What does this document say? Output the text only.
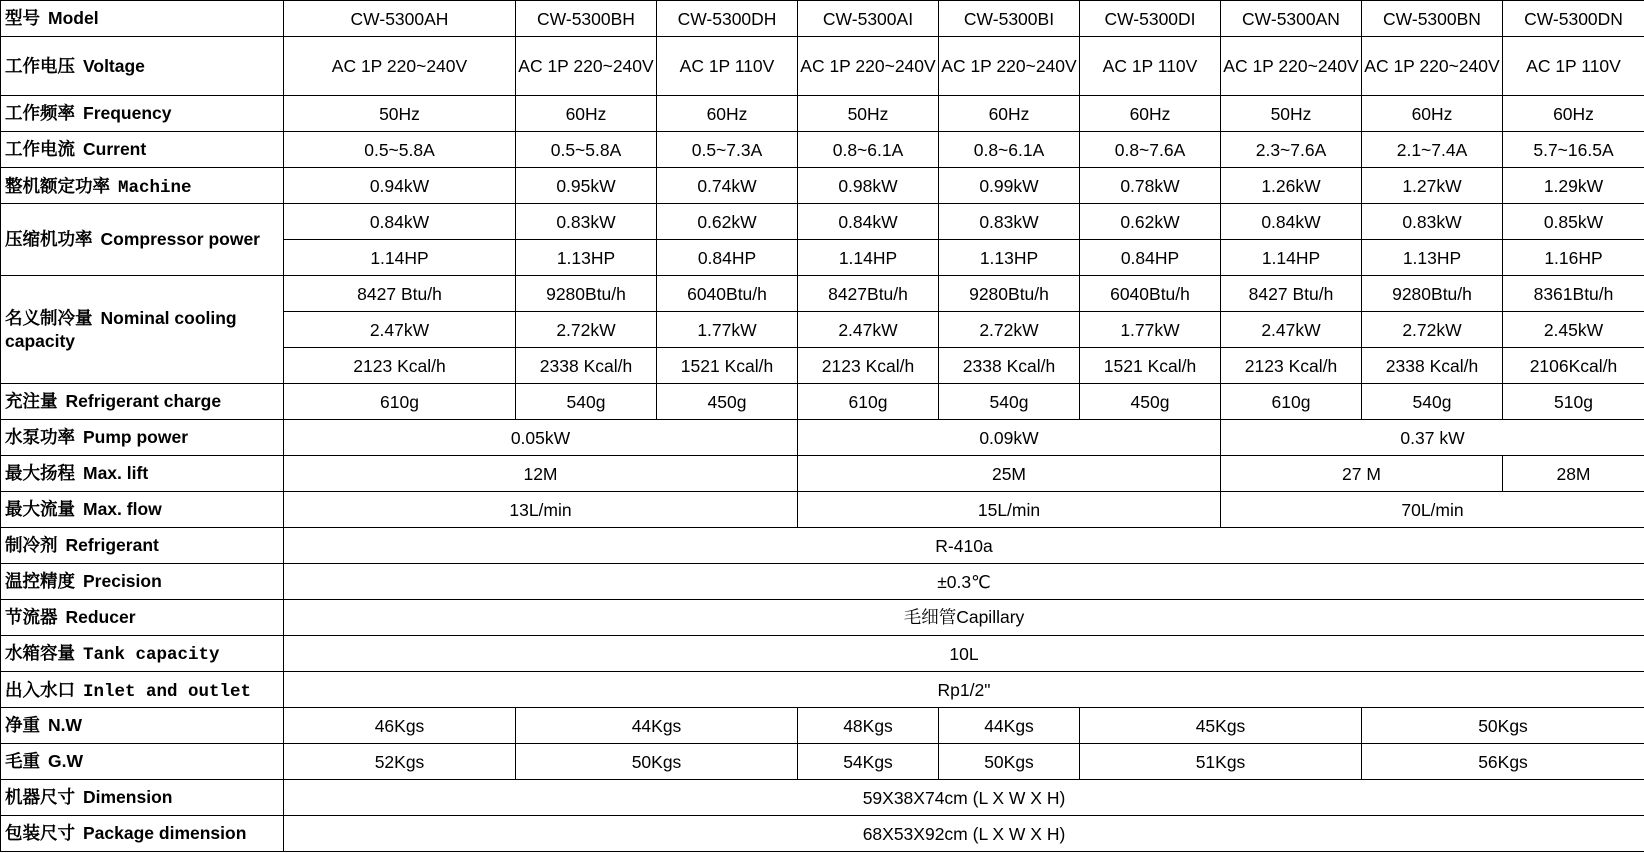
型号 Model	CW-5300AH	CW-5300BH	CW-5300DH	CW-5300AI	CW-5300BI	CW-5300DI	CW-5300AN	CW-5300BN	CW-5300DN
工作电压 Voltage	AC 1P 220~240V	AC 1P 220~240V	AC 1P 110V	AC 1P 220~240V	AC 1P 220~240V	AC 1P 110V	AC 1P 220~240V	AC 1P 220~240V	AC 1P 110V
工作频率 Frequency	50Hz	60Hz	60Hz	50Hz	60Hz	60Hz	50Hz	60Hz	60Hz
工作电流 Current	0.5~5.8A	0.5~5.8A	0.5~7.3A	0.8~6.1A	0.8~6.1A	0.8~7.6A	2.3~7.6A	2.1~7.4A	5.7~16.5A

整机额定功率 Machine	0.94kW	0.95kW	0.74kW	0.98kW	0.99kW	0.78kW	1.26kW	1.27kW	1.29kW
压缩机功率 Compressor power	0.84kW	0.83kW	0.62kW	0.84kW	0.83kW	0.62kW	0.84kW	0.83kW	0.85kW
	1.14HP	1.13HP	0.84HP	1.14HP	1.13HP	0.84HP	1.14HP	1.13HP	1.16HP
名义制冷量 Nominal cooling capacity	8427 Btu/h	9280Btu/h	6040Btu/h	8427Btu/h	9280Btu/h	6040Btu/h	8427 Btu/h	9280Btu/h	8361Btu/h
	2.47kW	2.72kW	1.77kW	2.47kW	2.72kW	1.77kW	2.47kW	2.72kW	2.45kW
	2123 Kcal/h	2338 Kcal/h	1521 Kcal/h	2123 Kcal/h	2338 Kcal/h	1521 Kcal/h	2123 Kcal/h	2338 Kcal/h	2106Kcal/h
充注量 Refrigerant charge	610g	540g	450g	610g	540g	450g	610g	540g	510g
水泵功率 Pump power	0.05kW			0.09kW			0.37 kW		
最大扬程 Max. lift	12M			25M			27 M		28M
最大流量 Max. flow	13L/min			15L/min			70L/min		
制冷剂 Refrigerant	R-410a								
温控精度 Precision	±0.3℃								
节流器 Reducer	毛细管Capillary								
水箱容量 Tank capacity	10L								

出入水口 Inlet and outlet	Rp1/2"								
净重 N.W	46Kgs	44Kgs		48Kgs	44Kgs	45Kgs		50Kgs	
毛重 G.W	52Kgs	50Kgs		54Kgs	50Kgs	51Kgs		56Kgs	
机器尺寸 Dimension	59X38X74cm (L X W X H)								
包装尺寸 Package dimension	68X53X92cm (L X W X H)								
